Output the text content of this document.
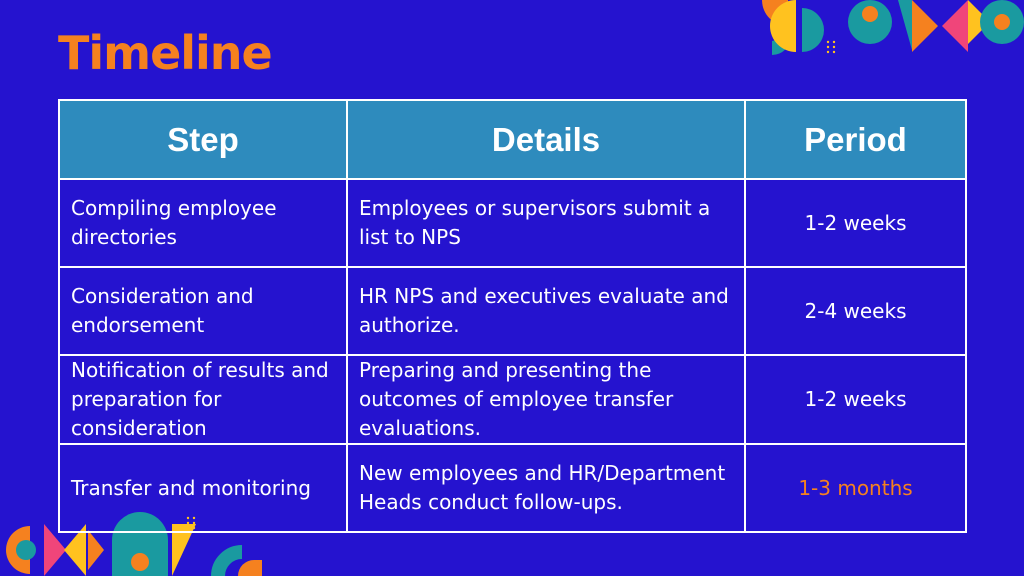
Timeline
Step	Details	Period
Compiling employee directories	Employees or supervisors submit a list to NPS	1-2 weeks
Consideration and endorsement	HR NPS and executives evaluate and authorize.	2-4 weeks
Notification of results and preparation for consideration	Preparing and presenting the outcomes of employee transfer evaluations.	1-2 weeks
Transfer and monitoring	New employees and HR/Department Heads conduct follow-ups.	1-3 months
